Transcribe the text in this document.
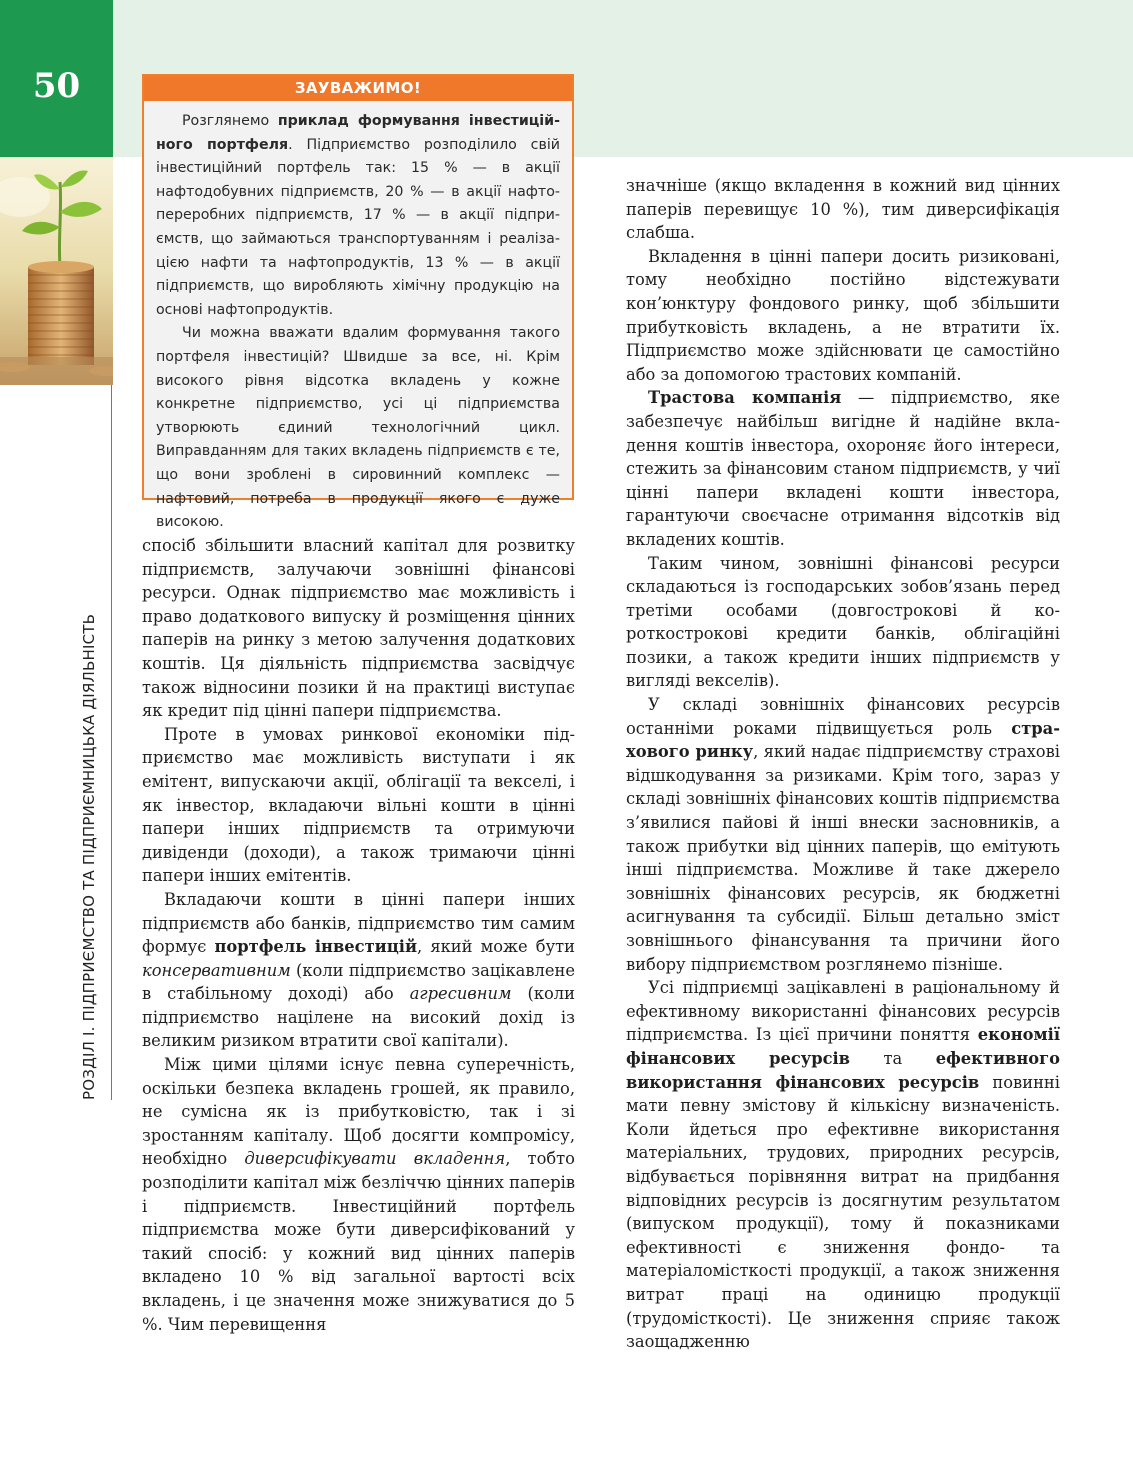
50
РОЗДІЛ І. ПІДПРИЄМСТВО ТА ПІДПРИЄМНИЦЬКА ДІЯЛЬНІСТЬ
ЗАУВАЖИМО!

Розглянемо приклад формування інвестиційного портфеля. Підприємство розподілило свій інвестиційний портфель так: 15 % — в акції нафтодобувних підприємств, 20 % — в акції нафтопереробних підприємств, 17 % — в акції підприємств, що займаються транспортуванням і реалізацією нафти та нафтопродуктів, 13 % — в акції підприємств, що виробляють хімічну продукцію на основі нафтопродуктів.

Чи можна вважати вдалим формування такого портфеля інвестицій? Швидше за все, ні. Крім високого рівня відсотка вкладень у кожне конкретне підприємство, усі ці підприємства утворюють єдиний технологічний цикл. Виправданням для таких вкладень підприємств є те, що вони зроблені в сировинний комплекс — нафтовий, потреба в продукції якого є дуже високою.

спосіб збільшити власний капітал для розвитку підприємств, залучаючи зовнішні фінансові ресурси. Однак підприємство має можливість і право додаткового випуску й розміщення цінних паперів на ринку з метою залучення додаткових коштів. Ця діяльність підприємства засвідчує також відносини позики й на практиці виступає як кредит під цінні папери підприємства.

Проте в умовах ринкової економіки підприємство має можливість виступати і як емітент, випускаючи акції, облігації та векселі, і як інвестор, вкладаючи вільні кошти в цінні папери інших підприємств та отримуючи дивіденди (доходи), а також тримаючи цінні папери інших емітентів.

Вкладаючи кошти в цінні папери інших підприємств або банків, підприємство тим самим формує портфель інвестицій, який може бути консервативним (коли підприємство зацікавлене в стабільному доході) або агресивним (коли підприємство націлене на високий дохід із великим ризиком втратити свої капітали).

Між цими цілями існує певна суперечність, оскільки безпека вкладень грошей, як правило, не сумісна як із прибутковістю, так і зі зростанням капіталу. Щоб досягти компромісу, необхідно диверсифікувати вкладення, тобто розподілити капітал між безліччю цінних паперів і підприємств. Інвестиційний портфель підприємства може бути диверсифікований у такий спосіб: у кожний вид цінних паперів вкладено 10 % від загальної вартості всіх вкладень, і це значення може знижуватися до 5 %. Чим перевищення

значніше (якщо вкладення в кожний вид цінних паперів перевищує 10 %), тим диверсифікація слабша.

Вкладення в цінні папери досить ризиковані, тому необхідно постійно відстежувати кон’юнктуру фондового ринку, щоб збільшити прибутковість вкладень, а не втратити їх. Підприємство може здійснювати це самостійно або за допомогою трастових компаній.

Трастова компанія — підприємство, яке забезпечує найбільш вигідне й надійне вкладення коштів інвестора, охороняє його інтереси, стежить за фінансовим станом підприємств, у чиї цінні папери вкладені кошти інвестора, гарантуючи своєчасне отримання відсотків від вкладених коштів.

Таким чином, зовнішні фінансові ресурси складаються із господарських зобов’язань перед третіми особами (довгострокові й короткострокові кредити банків, облігаційні позики, а також кредити інших підприємств у вигляді векселів).

У складі зовнішніх фінансових ресурсів останніми роками підвищується роль страхового ринку, який надає підприємству страхові відшкодування за ризиками. Крім того, зараз у складі зовнішніх фінансових коштів підприємства з’явилися пайові й інші внески засновників, а також прибутки від цінних паперів, що емітують інші підприємства. Можливе й таке джерело зовнішніх фінансових ресурсів, як бюджетні асигнування та субсидії. Більш детально зміст зовнішнього фінансування та причини його вибору підприємством розглянемо пізніше.

Усі підприємці зацікавлені в раціональному й ефективному використанні фінансових ресурсів підприємства. Із цієї причини поняття економії фінансових ресурсів та ефективного використання фінансових ресурсів повинні мати певну змістову й кількісну визначеність. Коли йдеться про ефективне використання матеріальних, трудових, природних ресурсів, відбувається порівняння витрат на придбання відповідних ресурсів із досягнутим результатом (випуском продукції), тому й показниками ефективності є зниження фондо- та матеріаломісткості продукції, а також зниження витрат праці на одиницю продукції (трудомісткості). Це зниження сприяє також заощадженню
